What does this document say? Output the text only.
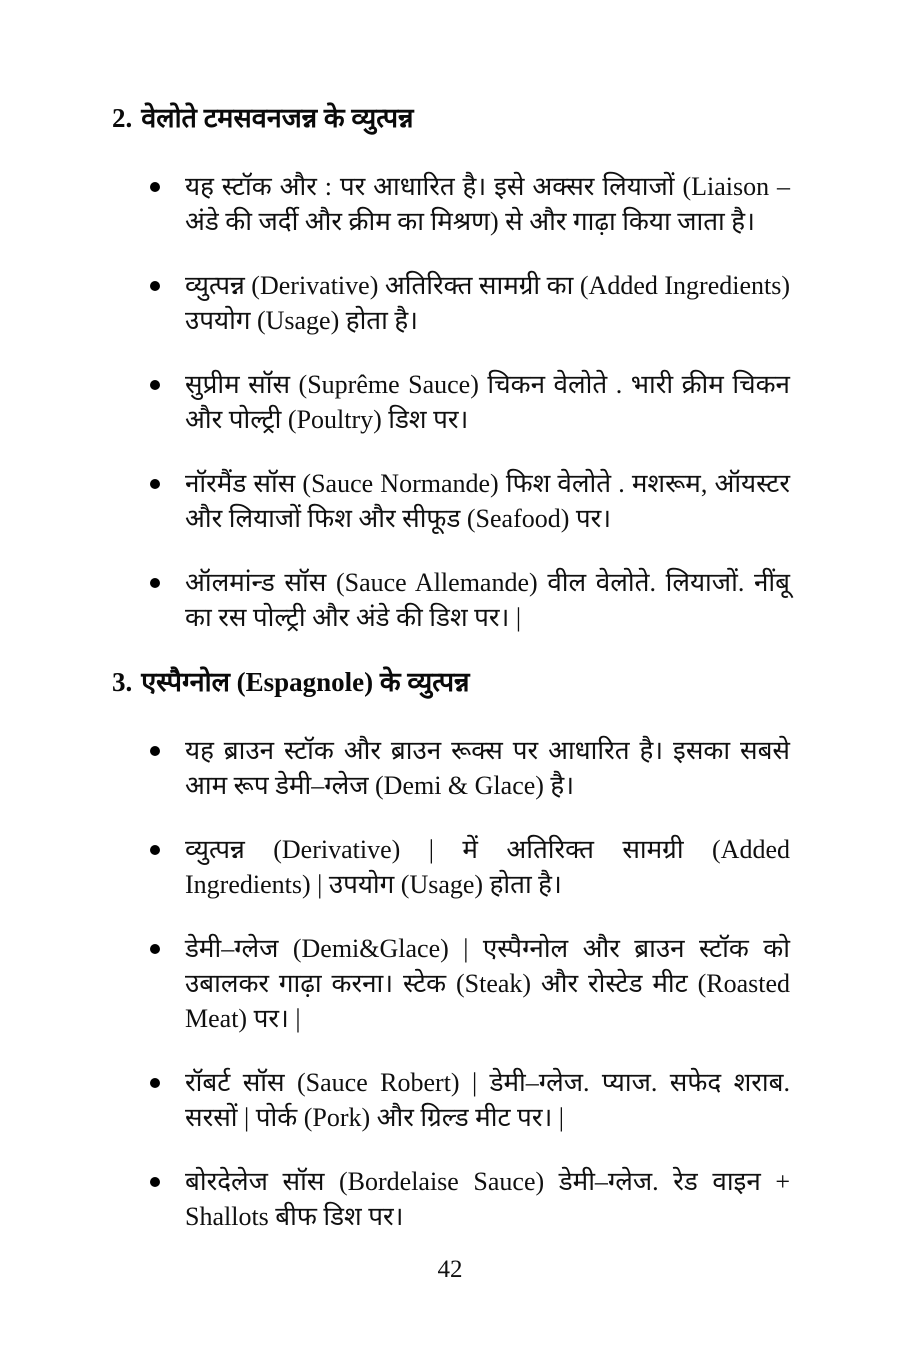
2. वेलोते टमसवनजन्न के व्युत्पन्न
यह स्टॉक और : पर आधारित है। इसे अक्सर लियाजों (Liaison – अंडे की जर्दी और क्रीम का मिश्रण) से और गाढ़ा किया जाता है।
व्युत्पन्न (Derivative) अतिरिक्त सामग्री का (Added Ingredients) उपयोग (Usage) होता है।
सुप्रीम सॉस (Suprême Sauce) चिकन वेलोते . भारी क्रीम चिकन और पोल्ट्री (Poultry) डिश पर।
नॉरमैंड सॉस (Sauce Normande) फिश वेलोते . मशरूम, ऑयस्टर और लियाजों फिश और सीफूड (Seafood) पर।
ऑलमांन्ड सॉस (Sauce Allemande) वील वेलोते. लियाजों. नींबू का रस पोल्ट्री और अंडे की डिश पर। |
3. एस्पैग्नोल (Espagnole) के व्युत्पन्न
यह ब्राउन स्टॉक और ब्राउन रूक्स पर आधारित है। इसका सबसे आम रूप डेमी–ग्लेज (Demi & Glace) है।
व्युत्पन्न (Derivative) | में अतिरिक्त सामग्री (Added Ingredients) | उपयोग (Usage) होता है।
डेमी–ग्लेज (Demi&Glace) | एस्पैग्नोल और ब्राउन स्टॉक को उबालकर गाढ़ा करना। स्टेक (Steak) और रोस्टेड मीट (Roasted Meat) पर। |
रॉबर्ट सॉस (Sauce Robert) | डेमी–ग्लेज. प्याज. सफेद शराब. सरसों | पोर्क (Pork) और ग्रिल्ड मीट पर। |
बोरदेलेज सॉस (Bordelaise Sauce) डेमी–ग्लेज. रेड वाइन + Shallots बीफ डिश पर।
42
